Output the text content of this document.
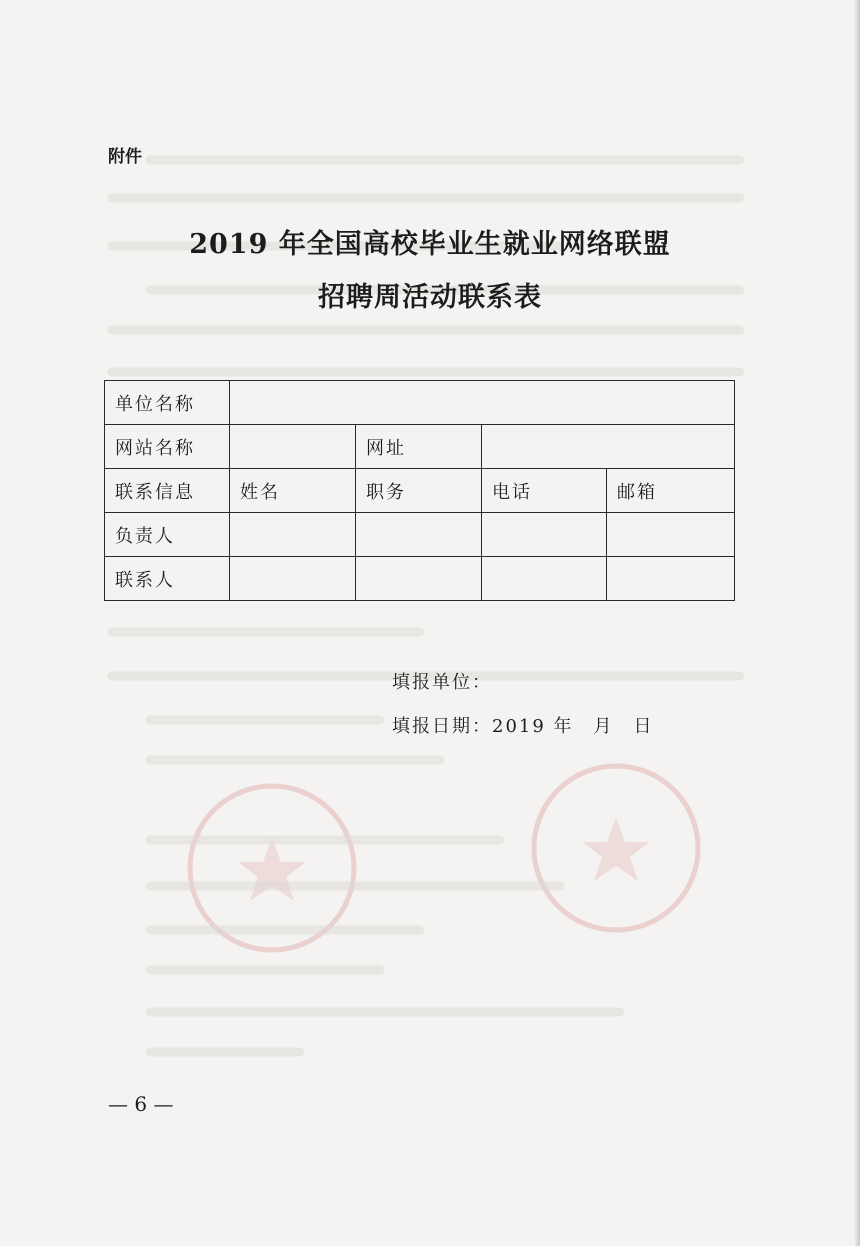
附件
2019 年全国高校毕业生就业网络联盟
招聘周活动联系表
单位名称				
网站名称		网址		
联系信息	姓名	职务	电话	邮箱
负责人				
联系人				
填报单位：
填报日期：2019 年　月　日
— 6 —
